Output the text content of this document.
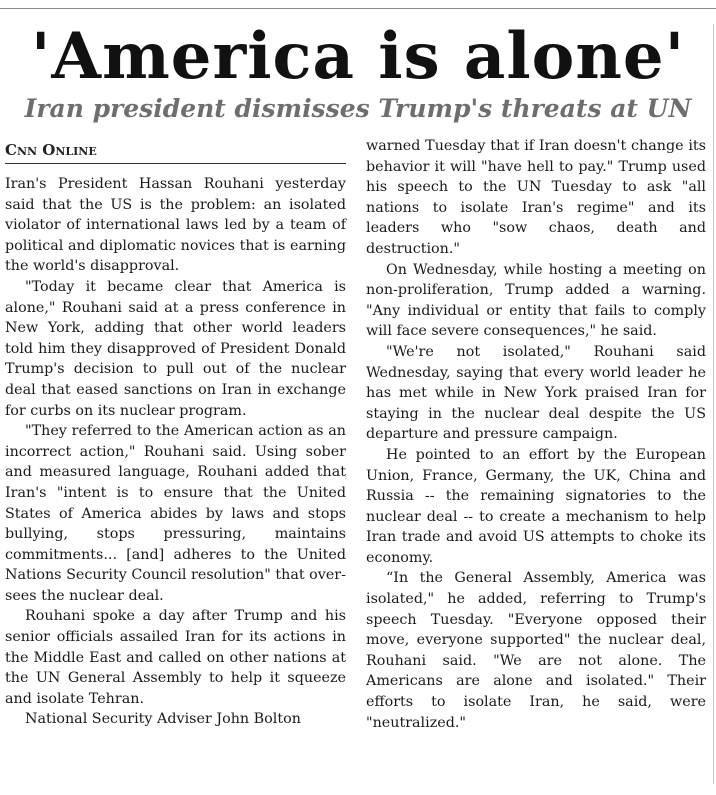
'America is alone'
Iran president dismisses Trump's threats at UN
Cnn Online

Iran's President Hassan Rouhani yesterday said that the US is the problem: an isolated violator of international laws led by a team of political and diplomatic novices that is earning the world's disapproval.

"Today it became clear that America is alone," Rouhani said at a press conference in New York, adding that other world leaders told him they disapproved of President Donald Trump's decision to pull out of the nuclear deal that eased sanctions on Iran in exchange for curbs on its nuclear program.

"They referred to the American action as an incorrect action," Rouhani said. Using sober and measured language, Rouhani added that Iran's "intent is to ensure that the United States of America abides by laws and stops bullying, stops pressuring, maintains commitments... [and] adheres to the United Nations Security Council resolution" that oversees the nuclear deal.

Rouhani spoke a day after Trump and his senior officials assailed Iran for its actions in the Middle East and called on other nations at the UN General Assembly to help it squeeze and isolate Tehran.

National Security Adviser John Bolton

warned Tuesday that if Iran doesn't change its behavior it will "have hell to pay." Trump used his speech to the UN Tuesday to ask "all nations to isolate Iran's regime" and its leaders who "sow chaos, death and destruction."

On Wednesday, while hosting a meeting on non-proliferation, Trump added a warning. "Any individual or entity that fails to comply will face severe consequences," he said.

"We're not isolated," Rouhani said Wednesday, saying that every world leader he has met while in New York praised Iran for staying in the nuclear deal despite the US departure and pressure campaign.

He pointed to an effort by the European Union, France, Germany, the UK, China and Russia -- the remaining signatories to the nuclear deal -- to create a mechanism to help Iran trade and avoid US attempts to choke its economy.

“In the General Assembly, America was isolated," he added, referring to Trump's speech Tuesday. "Everyone opposed their move, everyone supported" the nuclear deal, Rouhani said. "We are not alone. The Americans are alone and isolated." Their efforts to isolate Iran, he said, were "neutralized."
